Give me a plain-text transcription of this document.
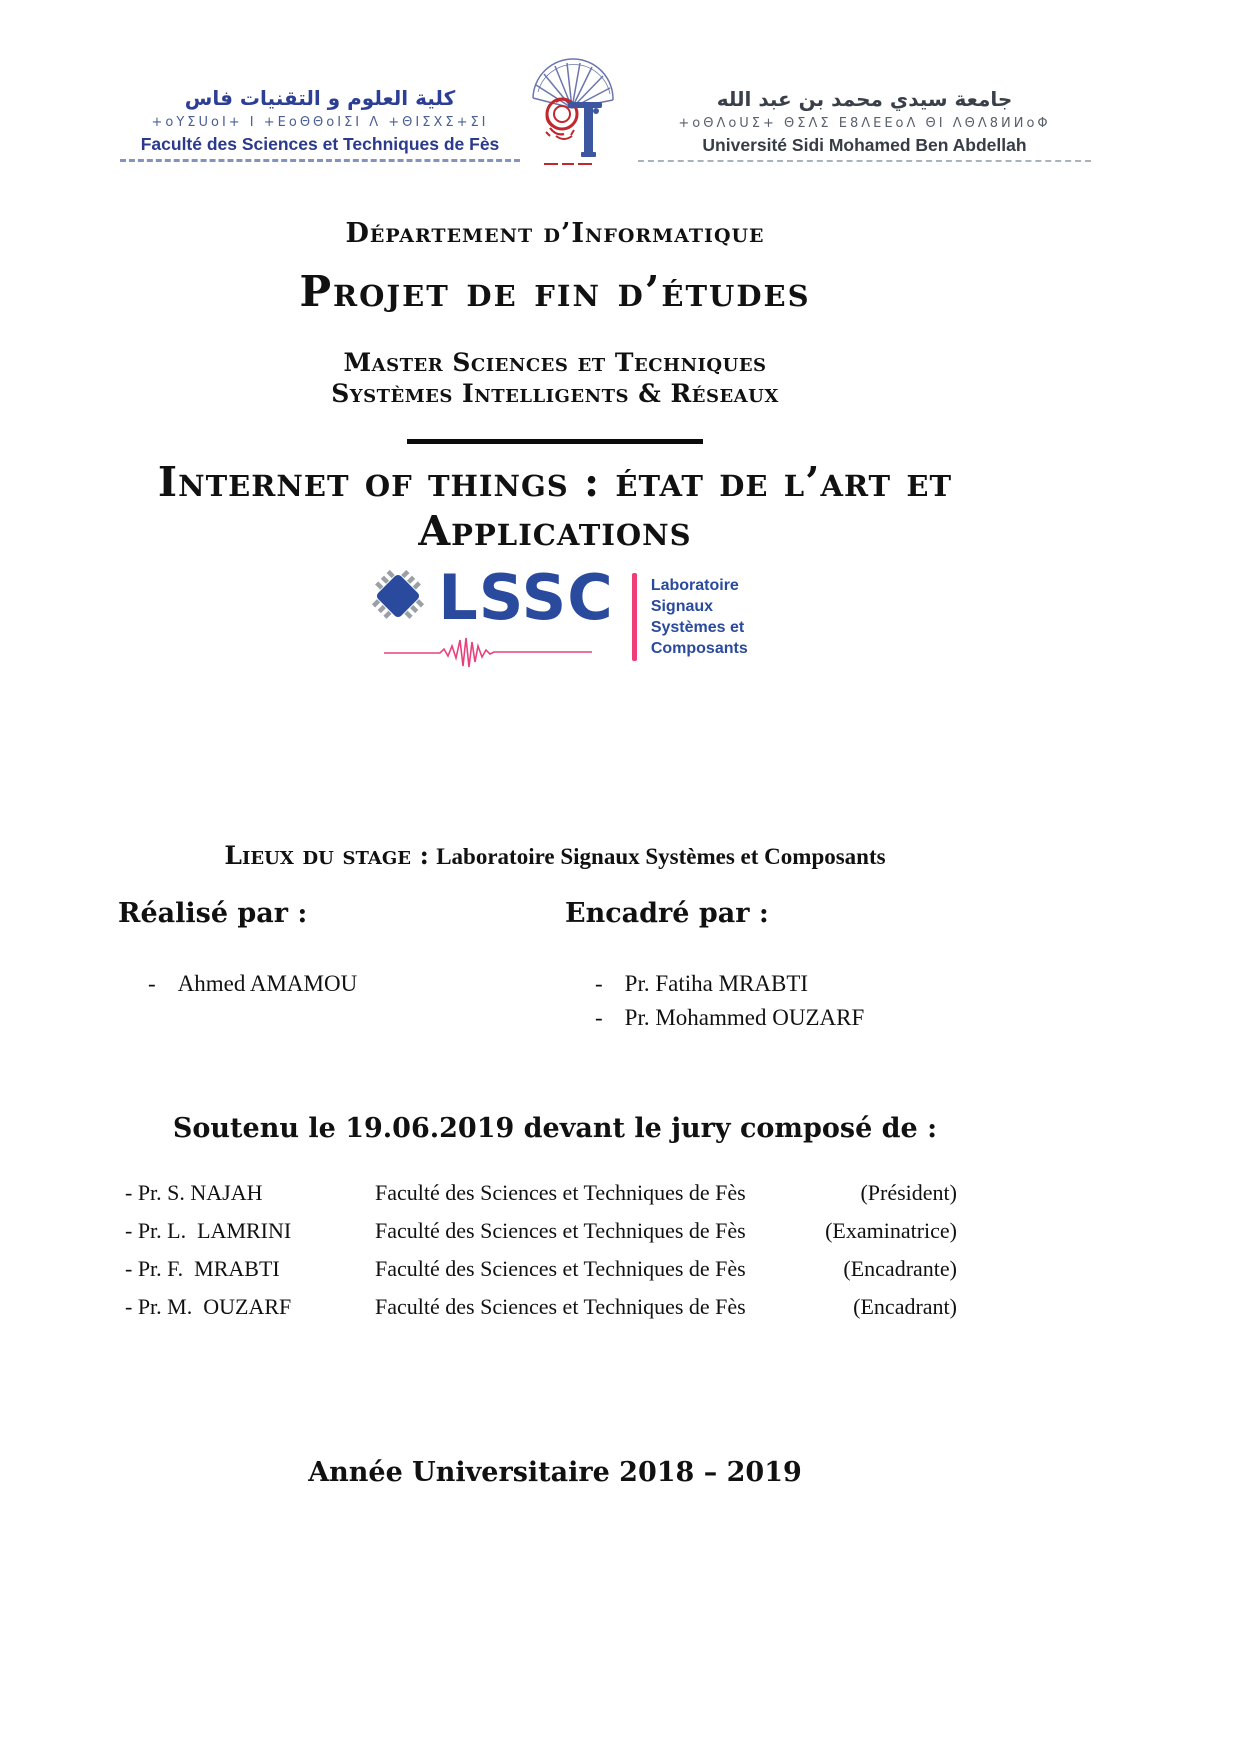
كلية العلوم و التقنيات فاس
+oYΣUoI+ I +ΕoΘΘoIΣI Λ +ΘΙΣΧΣ+ΣΙ
Faculté des Sciences et Techniques de Fès
جامعة سيدي محمد بن عبد الله
+oΘΛoUΣ+ ΘΣΛΣ Ε8ΛΕΕoΛ ΘΙ ΛΘΛ8ИИoΦ
Université Sidi Mohamed Ben Abdellah
Département d’Informatique
Projet de fin d’études
Master Sciences et Techniques
Systèmes Intelligents & Réseaux
Internet of things : état de l’art et
Applications
LSSC Laboratoire
Signaux
Systèmes et
Composants
Lieux du stage : Laboratoire Signaux Systèmes et Composants
Réalisé par :
- Ahmed AMAMOU
Encadré par :
- Pr. Fatiha MRABTI
- Pr. Mohammed OUZARF
Soutenu le 19.06.2019 devant le jury composé de :
- Pr. S. NAJAH	Faculté des Sciences et Techniques de Fès	(Président)
- Pr. L.  LAMRINI	Faculté des Sciences et Techniques de Fès	(Examinatrice)
- Pr. F.  MRABTI	Faculté des Sciences et Techniques de Fès	(Encadrante)
- Pr. M.  OUZARF	Faculté des Sciences et Techniques de Fès	(Encadrant)
Année Universitaire 2018 – 2019
